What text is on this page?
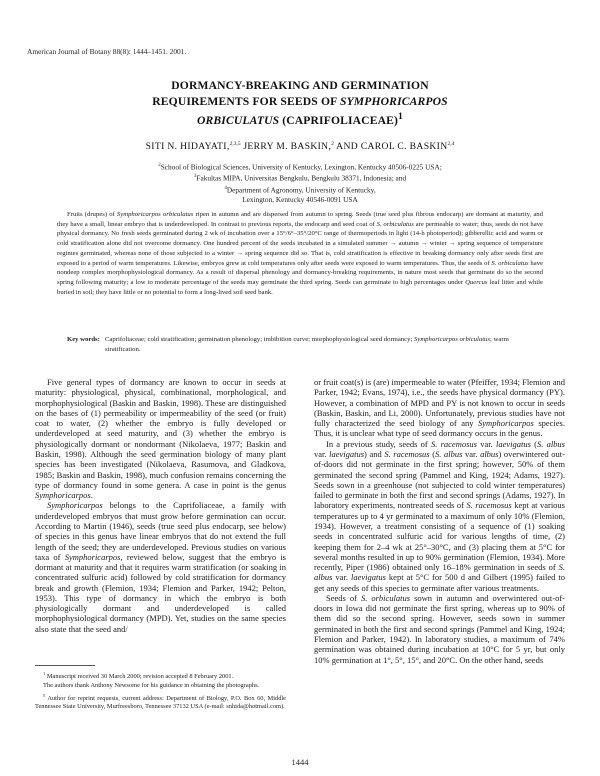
American Journal of Botany 88(8): 1444–1451. 2001.
DORMANCY-BREAKING AND GERMINATION
REQUIREMENTS FOR SEEDS OF SYMPHORICARPOS
ORBICULATUS (CAPRIFOLIACEAE)$^1$
SITI N. HIDAYATI,$^{2,3,5}$ JERRY M. BASKIN,$^2$ AND CAROL C. BASKIN$^{2,4}$
$^2$School of Biological Sciences, University of Kentucky, Lexington, Kentucky 40506-0225 USA;
$^3$Fakultas MIPA, Universitas Bengkulu, Bengkulu 38371, Indonesia; and
$^4$Department of Agronomy, University of Kentucky,
Lexington, Kentucky 40546-0091 USA
Fruits (drupes) of Symphoricarpos orbiculatus ripen in autumn and are dispersed from autumn to spring. Seeds (true seed plus fibrous endocarp) are dormant at maturity, and they have a small, linear embryo that is underdeveloped. In contrast to previous reports, the endocarp and seed coat of S. orbiculatus are permeable to water; thus, seeds do not have physical dormancy. No fresh seeds germinated during 2 wk of incubation over a 15°/6°–35°/20°C range of thermoperiods in light (14-h photoperiod); gibberellic acid and warm or cold stratification alone did not overcome dormancy. One hundred percent of the seeds incubated in a simulated summer → autumn → winter → spring sequence of temperature regimes germinated, whereas none of those subjected to a winter → spring sequence did so. That is, cold stratification is effective in breaking dormancy only after seeds first are exposed to a period of warm temperatures. Likewise, embryos grew at cold temperatures only after seeds were exposed to warm temperatures. Thus, the seeds of S. orbiculatus have nondeep complex morphophysiological dormancy. As a result of dispersal phenology and dormancy-breaking requirements, in nature most seeds that germinate do so the second spring following maturity; a low to moderate percentage of the seeds may germinate the third spring. Seeds can germinate to high percentages under Quercus leaf litter and while buried in soil; they have little or no potential to form a long-lived soil seed bank.
Key words: Caprifoliaceae; cold stratification; germination phenology; imbibition curve; morphophysiological seed dormancy; Symphoricarpos orbiculatus; warm stratification.

Five general types of dormancy are known to occur in seeds at maturity: physiological, physical, combinational, morphological, and morphophysiological (Baskin and Baskin, 1998). These are distinguished on the bases of (1) permeability or impermeability of the seed (or fruit) coat to water, (2) whether the embryo is fully developed or underdeveloped at seed maturity, and (3) whether the embryo is physiologically dormant or nondormant (Nikolaeva, 1977; Baskin and Baskin, 1998). Although the seed germination biology of many plant species has been investigated (Nikolaeva, Rasumova, and Gladkova, 1985; Baskin and Baskin, 1998), much confusion remains concerning the type of dormancy found in some genera. A case in point is the genus Symphoricarpos.

Symphoricarpos belongs to the Caprifoliaceae, a family with underdeveloped embryos that must grow before germination can occur. According to Martin (1946), seeds (true seed plus endocarp, see below) of species in this genus have linear embryos that do not extend the full length of the seed; they are underdeveloped. Previous studies on various taxa of Symphoricarpos, reviewed below, suggest that the embryo is dormant at maturity and that it requires warm stratification (or soaking in concentrated sulfuric acid) followed by cold stratification for dormancy break and growth (Flemion, 1934; Flemion and Parker, 1942; Pelton, 1953). This type of dormancy in which the embryo is both physiologically dormant and underdeveloped is called morphophysiological dormancy (MPD). Yet, studies on the same species also state that the seed and/

$^1$ Manuscript received 30 March 2000; revision accepted 8 February 2001.

The authors thank Anthony Newsome for his guidance in obtaining the photographs.

$^5$ Author for reprint requests, current address: Department of Biology, P.O. Box 60, Middle Tennessee State University, Murfreesboro, Tennessee 37132 USA (e-mail: snhida@hotmail.com).

or fruit coat(s) is (are) impermeable to water (Pfeiffer, 1934; Flemion and Parker, 1942; Evans, 1974), i.e., the seeds have physical dormancy (PY). However, a combination of MPD and PY is not known to occur in seeds (Baskin, Baskin, and Li, 2000). Unfortunately, previous studies have not fully characterized the seed biology of any Symphoricarpos species. Thus, it is unclear what type of seed dormancy occurs in the genus.

In a previous study, seeds of S. racemosus var. laevigatus (S. albus var. laevigatus) and S. racemosus (S. albus var. albus) overwintered out-of-doors did not germinate in the first spring; however, 50% of them germinated the second spring (Pammel and King, 1924; Adams, 1927). Seeds sown in a greenhouse (not subjected to cold winter temperatures) failed to germinate in both the first and second springs (Adams, 1927). In laboratory experiments, nontreated seeds of S. racemosus kept at various temperatures up to 4 yr germinated to a maximum of only 10% (Flemion, 1934). However, a treatment consisting of a sequence of (1) soaking seeds in concentrated sulfuric acid for various lengths of time, (2) keeping them for 2–4 wk at 25°–30°C, and (3) placing them at 5°C for several months resulted in up to 90% germination (Flemion, 1934). More recently, Piper (1986) obtained only 16–18% germination in seeds of S. albus var. laevigatus kept at 5°C for 500 d and Gilbert (1995) failed to get any seeds of this species to germinate after various treatments.

Seeds of S. orbiculatus sown in autumn and overwintered out-of-doors in Iowa did not germinate the first spring, whereas up to 90% of them did so the second spring. However, seeds sown in summer germinated in both the first and second springs (Pammel and King, 1924; Flemion and Parker, 1942). In laboratory studies, a maximum of 74% germination was obtained during incubation at 10°C for 5 yr, but only 10% germination at 1°, 5°, 15°, and 20°C. On the other hand, seeds

1444
